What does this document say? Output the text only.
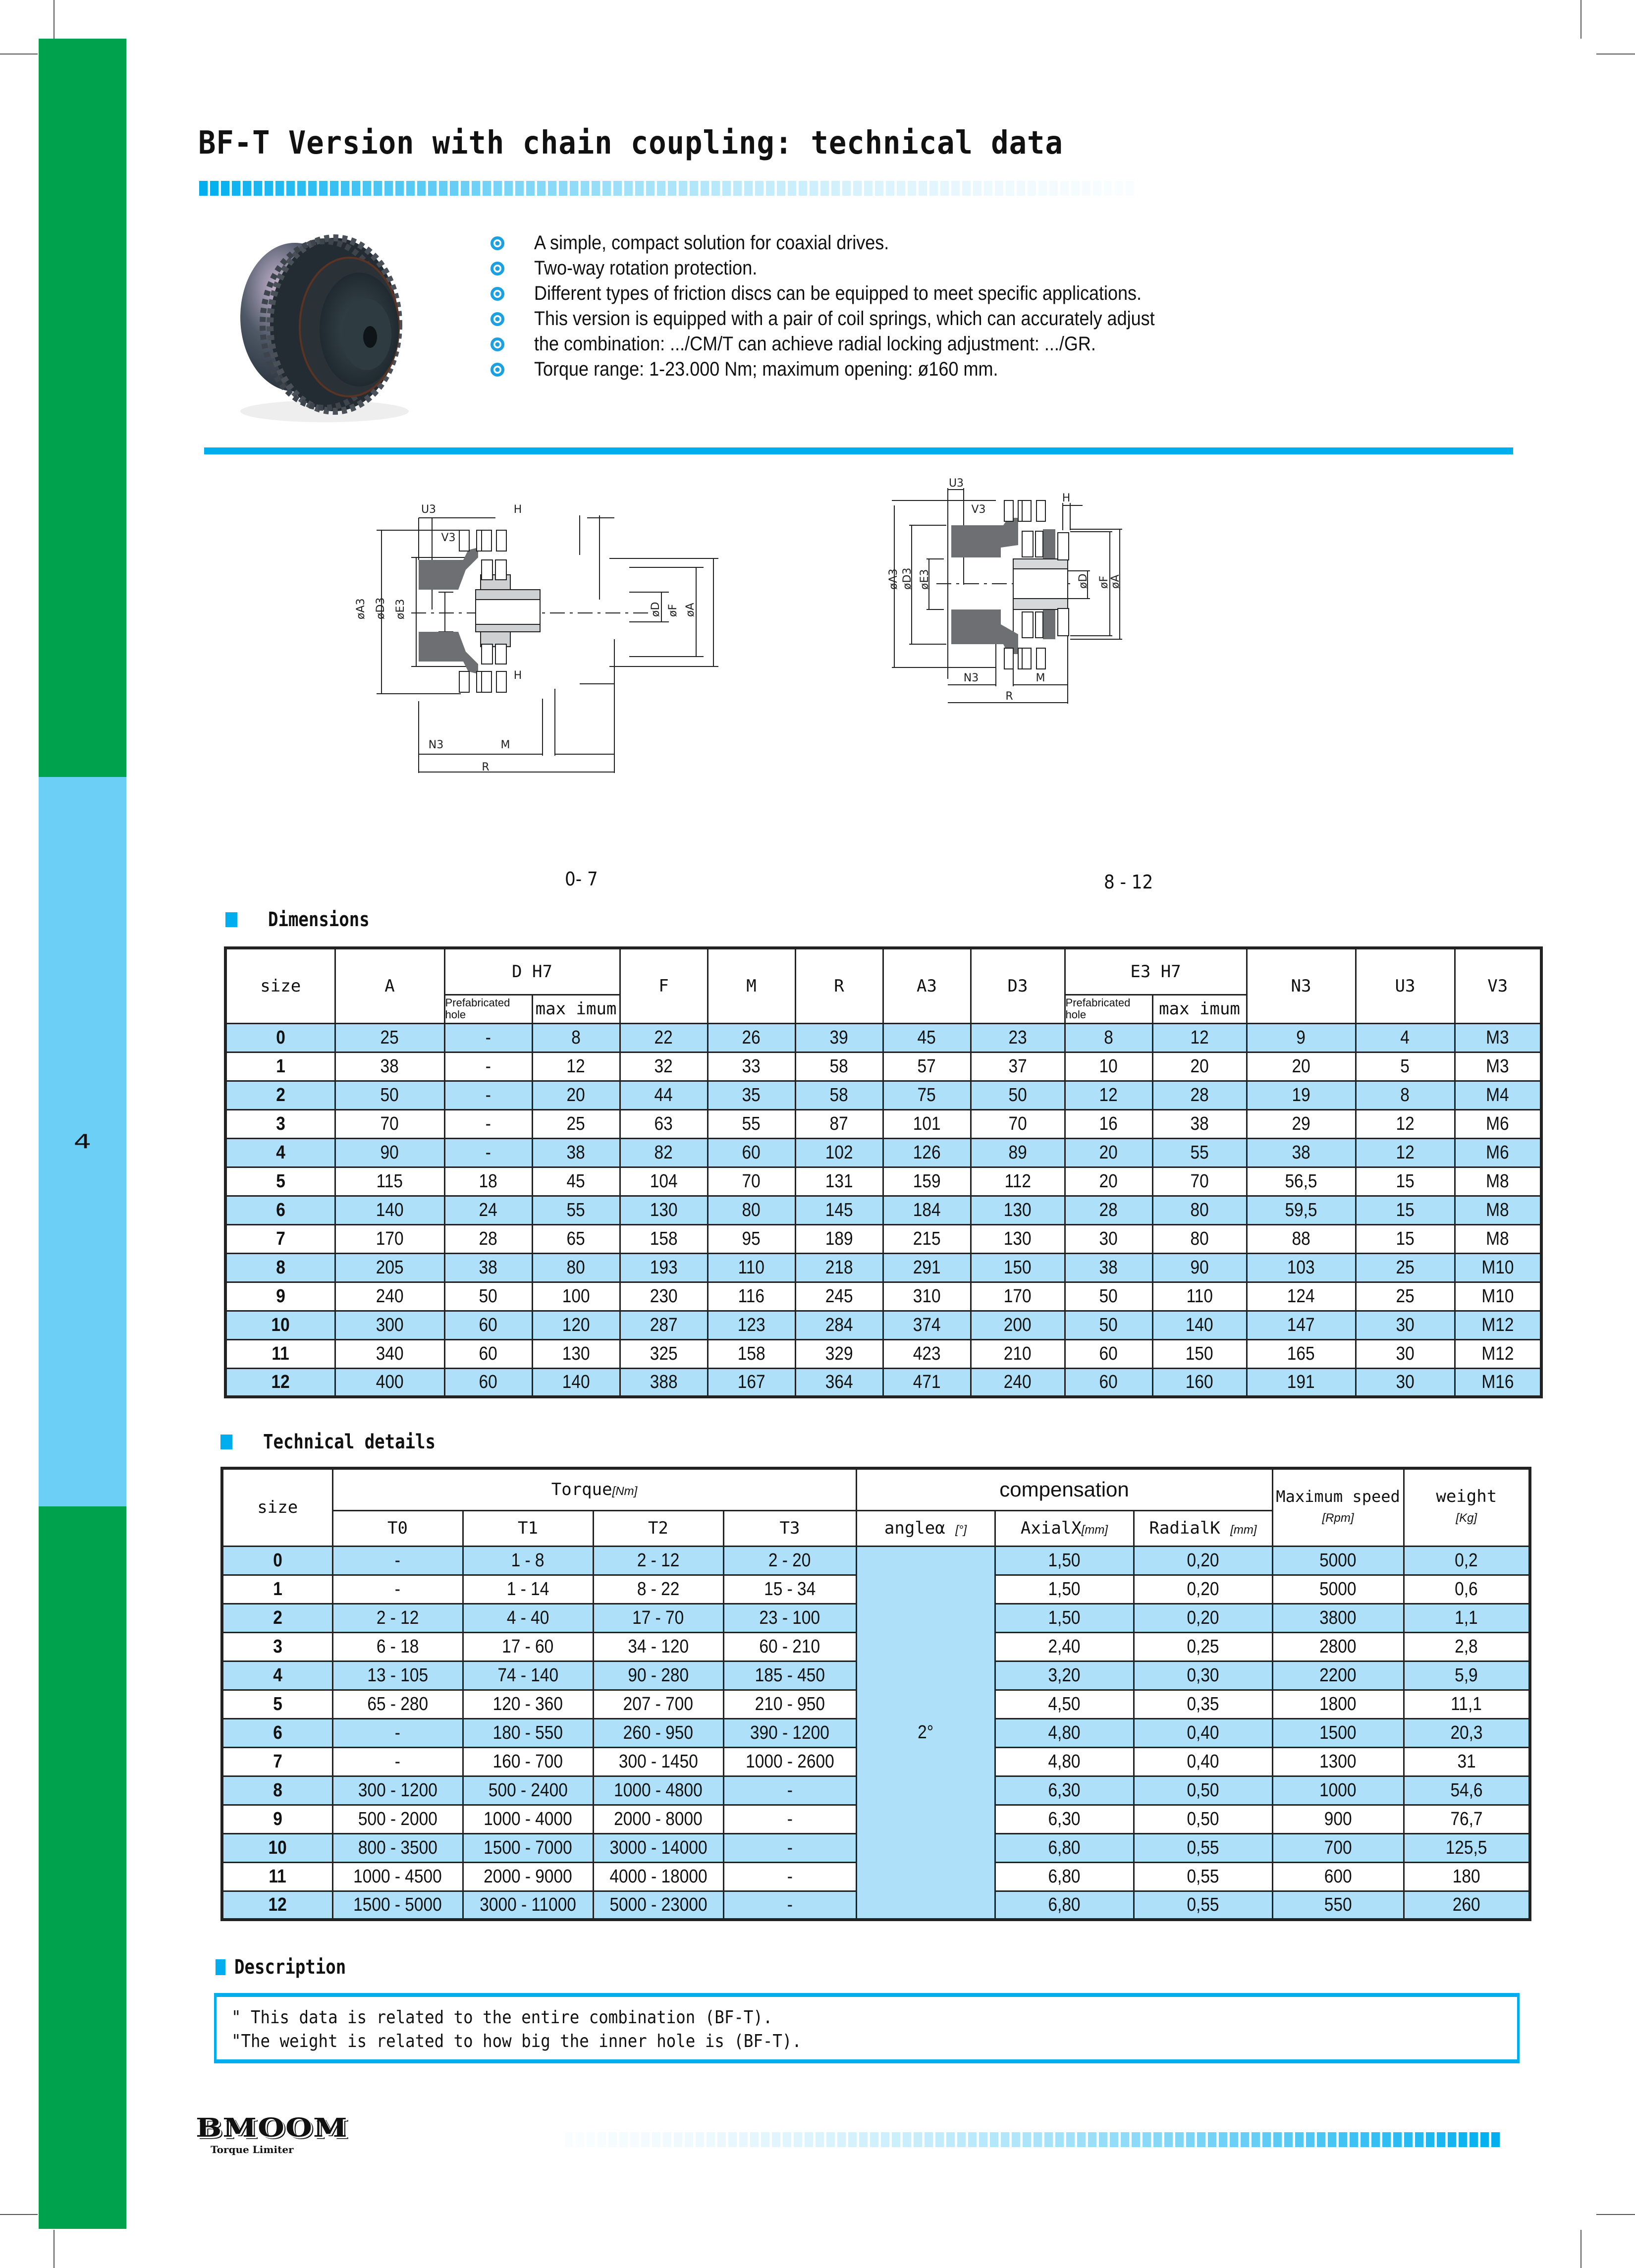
4
BF-T Version with chain coupling: technical data
A simple, compact solution for coaxial drives.
Two-way rotation protection.
Different types of friction discs can be equipped to meet specific applications.
This version is equipped with a pair of coil springs, which can accurately adjust
the combination: .../CM/T can achieve radial locking adjustment: .../GR.
Torque range: 1-23.000 Nm; maximum opening: ø160 mm.
U3
V3
H
H
N3	M
R
øA3 øD3 øE3	øD øF øA
0- 7
U3
V3
H
N3	M
R
øA3 øD3 øE3	øD øF
øA
8 - 12
Dimensions
size	A	D H7		F	M	R	A3	D3	E3 H7		N3	U3	V3

		Prefabricated hole	max imum						Prefabricated hole	max imum			
0	25	-	8	22	26	39	45	23	8	12	9	4	M3
1	38	-	12	32	33	58	57	37	10	20	20	5	M3
2	50	-	20	44	35	58	75	50	12	28	19	8	M4
3	70	-	25	63	55	87	101	70	16	38	29	12	M6
4	90	-	38	82	60	102	126	89	20	55	38	12	M6
5	115	18	45	104	70	131	159	112	20	70	56,5	15	M8
6	140	24	55	130	80	145	184	130	28	80	59,5	15	M8
7	170	28	65	158	95	189	215	130	30	80	88	15	M8
8	205	38	80	193	110	218	291	150	38	90	103	25	M10
9	240	50	100	230	116	245	310	170	50	110	124	25	M10
10	300	60	120	287	123	284	374	200	50	140	147	30	M12
11	340	60	130	325	158	329	423	210	60	150	165	30	M12
12	400	60	140	388	167	364	471	240	60	160	191	30	M16
Technical details
size	Torque[Nm]				compensation			Maximum speed
[Rpm]	weight
[Kg]
	T0	T1	T2	T3	angleα [°]	AxialX[mm]	RadialK [mm]		
0	-	1 - 8	2 - 12	2 - 20	2°	1,50	0,20	5000	0,2
1	-	1 - 14	8 - 22	15 - 34		1,50	0,20	5000	0,6
2	2 - 12	4 - 40	17 - 70	23 - 100		1,50	0,20	3800	1,1
3	6 - 18	17 - 60	34 - 120	60 - 210		2,40	0,25	2800	2,8
4	13 - 105	74 - 140	90 - 280	185 - 450		3,20	0,30	2200	5,9
5	65 - 280	120 - 360	207 - 700	210 - 950		4,50	0,35	1800	11,1
6	-	180 - 550	260 - 950	390 - 1200		4,80	0,40	1500	20,3
7	-	160 - 700	300 - 1450	1000 - 2600		4,80	0,40	1300	31
8	300 - 1200	500 - 2400	1000 - 4800	-		6,30	0,50	1000	54,6
9	500 - 2000	1000 - 4000	2000 - 8000	-		6,30	0,50	900	76,7
10	800 - 3500	1500 - 7000	3000 - 14000	-		6,80	0,55	700	125,5
11	1000 - 4500	2000 - 9000	4000 - 18000	-		6,80	0,55	600	180
12	1500 - 5000	3000 - 11000	5000 - 23000	-		6,80	0,55	550	260
Description
" This data is related to the entire combination (BF-T).
"The weight is related to how big the inner hole is (BF-T).
BMOOM
Torque Limiter
